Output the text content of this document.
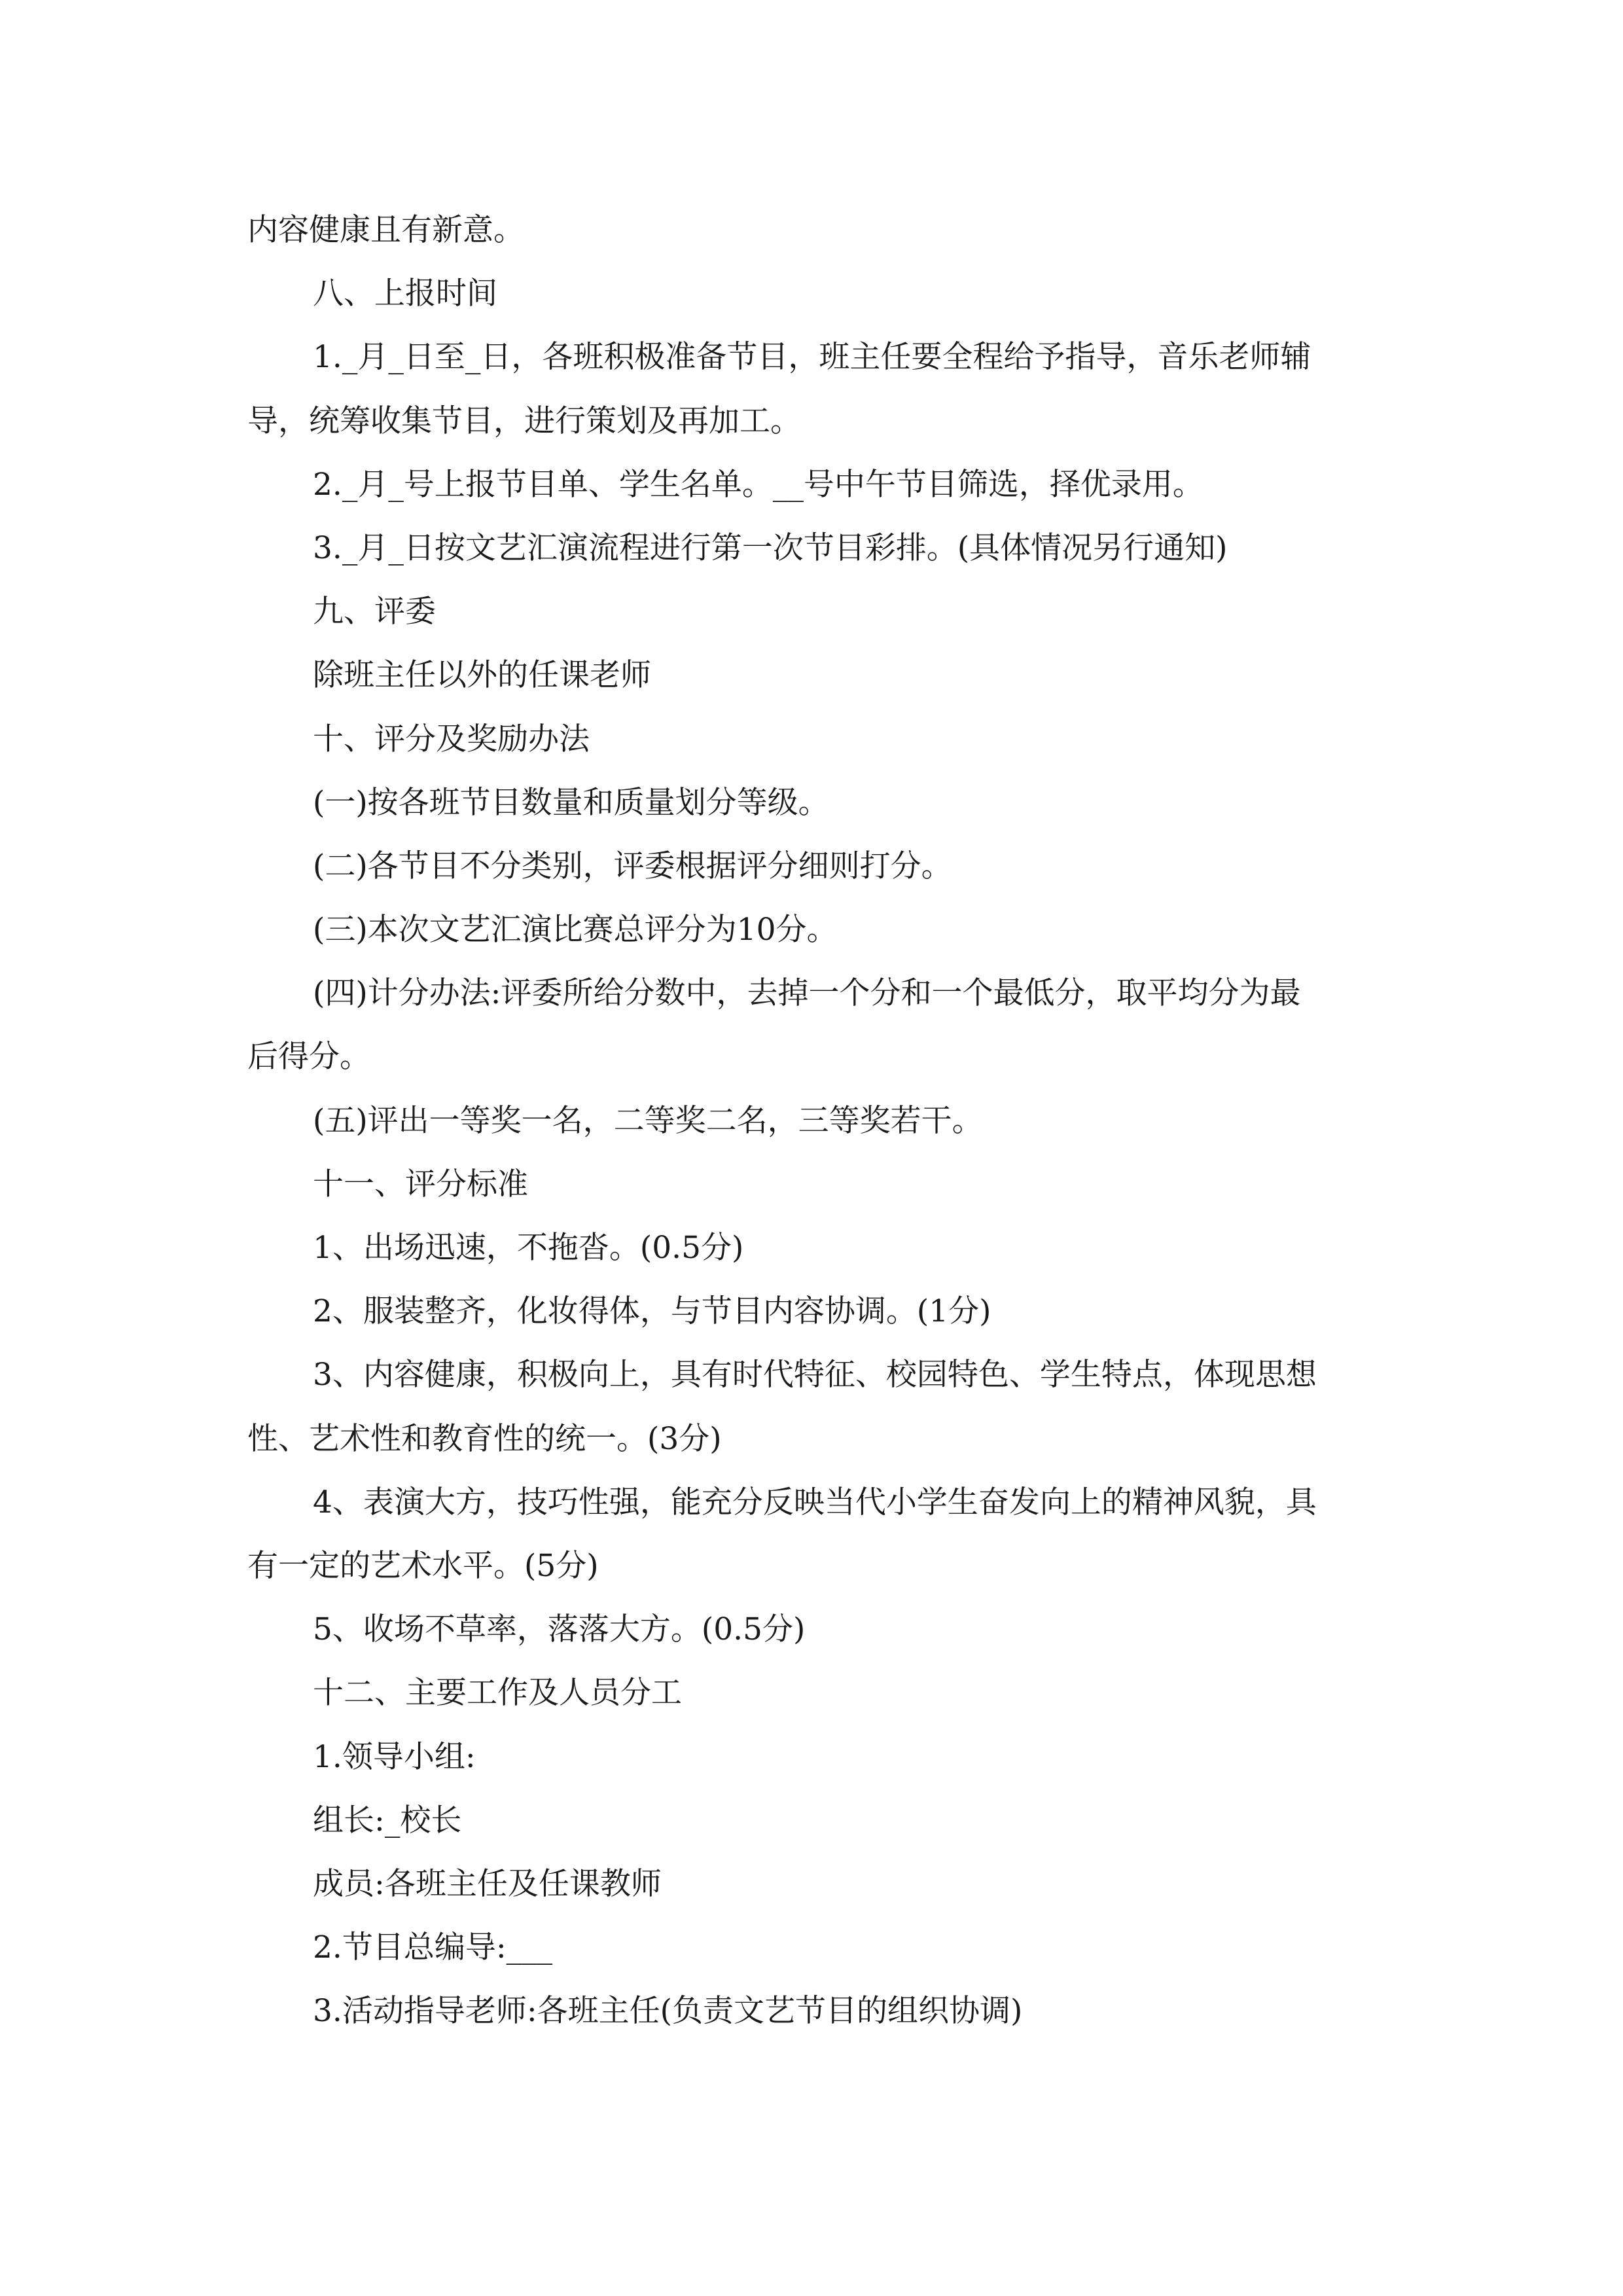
内容健康且有新意。
八、上报时间
1._月_日至_日，各班积极准备节目，班主任要全程给予指导，音乐老师辅
导，统筹收集节目，进行策划及再加工。
2._月_号上报节目单、学生名单。__号中午节目筛选，择优录用。
3._月_日按文艺汇演流程进行第一次节目彩排。(具体情况另行通知)
九、评委
除班主任以外的任课老师
十、评分及奖励办法
(一)按各班节目数量和质量划分等级。
(二)各节目不分类别，评委根据评分细则打分。
(三)本次文艺汇演比赛总评分为10分。
(四)计分办法:评委所给分数中，去掉一个分和一个最低分，取平均分为最
后得分。
(五)评出一等奖一名，二等奖二名，三等奖若干。
十一、评分标准
1、出场迅速，不拖沓。(0.5分)
2、服装整齐，化妆得体，与节目内容协调。(1分)
3、内容健康，积极向上，具有时代特征、校园特色、学生特点，体现思想
性、艺术性和教育性的统一。(3分)
4、表演大方，技巧性强，能充分反映当代小学生奋发向上的精神风貌，具
有一定的艺术水平。(5分)
5、收场不草率，落落大方。(0.5分)
十二、主要工作及人员分工
1.领导小组:
组长:_校长
成员:各班主任及任课教师
2.节目总编导:___
3.活动指导老师:各班主任(负责文艺节目的组织协调)
